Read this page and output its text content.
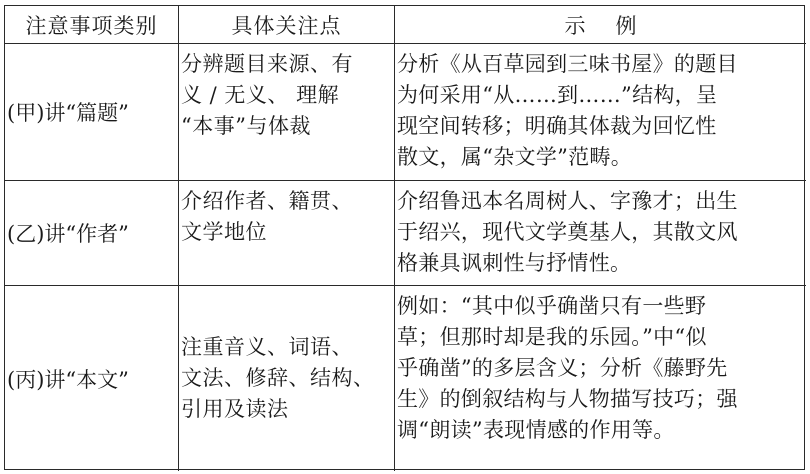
注意事项类别	具体关注点	示 例
(甲)讲“篇题”
分辨题目来源、有
义 / 无义、 理解
“本事”与体裁
分析《从百草园到三味书屋》的题目
为何采用“从……到……”结构，呈
现空间转移；明确其体裁为回忆性
散文，属“杂文学”范畴。
(乙)讲“作者”
介绍作者、籍贯、
文学地位
介绍鲁迅本名周树人、字豫才；出生
于绍兴，现代文学奠基人，其散文风
格兼具讽刺性与抒情性。
(丙)讲“本文”
注重音义、词语、
文法、修辞、结构、
引用及读法
例如：“其中似乎确凿只有一些野
草；但那时却是我的乐园。”中“似
乎确凿”的多层含义；分析《藤野先
生》的倒叙结构与人物描写技巧；强
调“朗读”表现情感的作用等。
